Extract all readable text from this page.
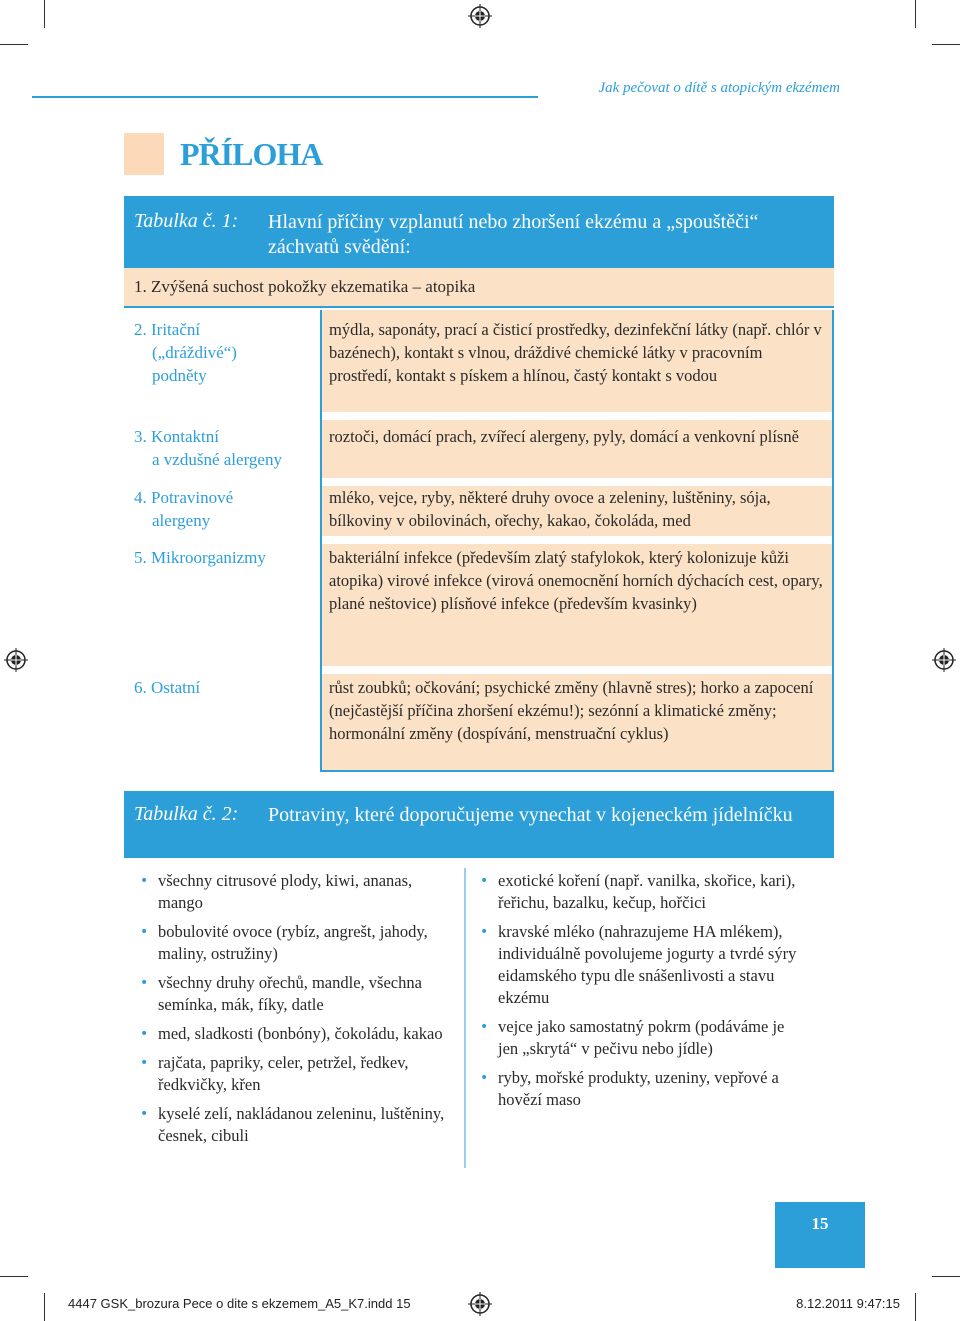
Jak pečovat o dítě s atopickým ekzémem
PŘÍLOHA
Tabulka č. 1: Hlavní příčiny vzplanutí nebo zhoršení ekzému a „spouštěči“ záchvatů svědění:
1. Zvýšená suchost pokožky ekzematika – atopika
2. Iritační
(„dráždivé“)
podněty
mýdla, saponáty, prací a čisticí prostředky, dezinfekční látky (např. chlór v bazénech), kontakt s vlnou, dráždivé chemické látky v pracovním prostředí, kontakt s pískem a hlínou, častý kontakt s vodou
3. Kontaktní
a vzdušné alergeny
roztoči, domácí prach, zvířecí alergeny, pyly, domácí a venkovní plísně
4. Potravinové
alergeny
mléko, vejce, ryby, některé druhy ovoce a zeleniny, luštěniny, sója, bílkoviny v obilovinách, ořechy, kakao, čokoláda, med
5. Mikroorganizmy	bakteriální infekce (především zlatý stafylokok, který kolonizuje kůži atopika) virové infekce (virová onemocnění horních dýchacích cest, opary, plané neštovice) plísňové infekce (především kvasinky)
6. Ostatní	růst zoubků; očkování; psychické změny (hlavně stres); horko a zapocení (nejčastější příčina zhoršení ekzému!); sezónní a klimatické změny; hormonální změny (dospívání, menstruační cyklus)
Tabulka č. 2: Potraviny, které doporučujeme vynechat v kojeneckém jídelníčku
• všechny citrusové plody, kiwi, ananas, mango
• bobulovité ovoce (rybíz, angrešt, jahody, maliny, ostružiny)
• všechny druhy ořechů, mandle, všechna semínka, mák, fíky, datle
• med, sladkosti (bonbóny), čokoládu, kakao
• rajčata, papriky, celer, petržel, ředkev, ředkvičky, křen
• kyselé zelí, nakládanou zeleninu, luštěniny, česnek, cibuli
• exotické koření (např. vanilka, skořice, kari), řeřichu, bazalku, kečup, hořčici
• kravské mléko (nahrazujeme HA mlékem), individuálně povolujeme jogurty a tvrdé sýry eidamského typu dle snášenlivosti a stavu ekzému
• vejce jako samostatný pokrm (podáváme je jen „skrytá“ v pečivu nebo jídle)
• ryby, mořské produkty, uzeniny, vepřové a hovězí maso
15
4447 GSK_brozura Pece o dite s ekzemem_A5_K7.indd 15	8.12.2011 9:47:15
